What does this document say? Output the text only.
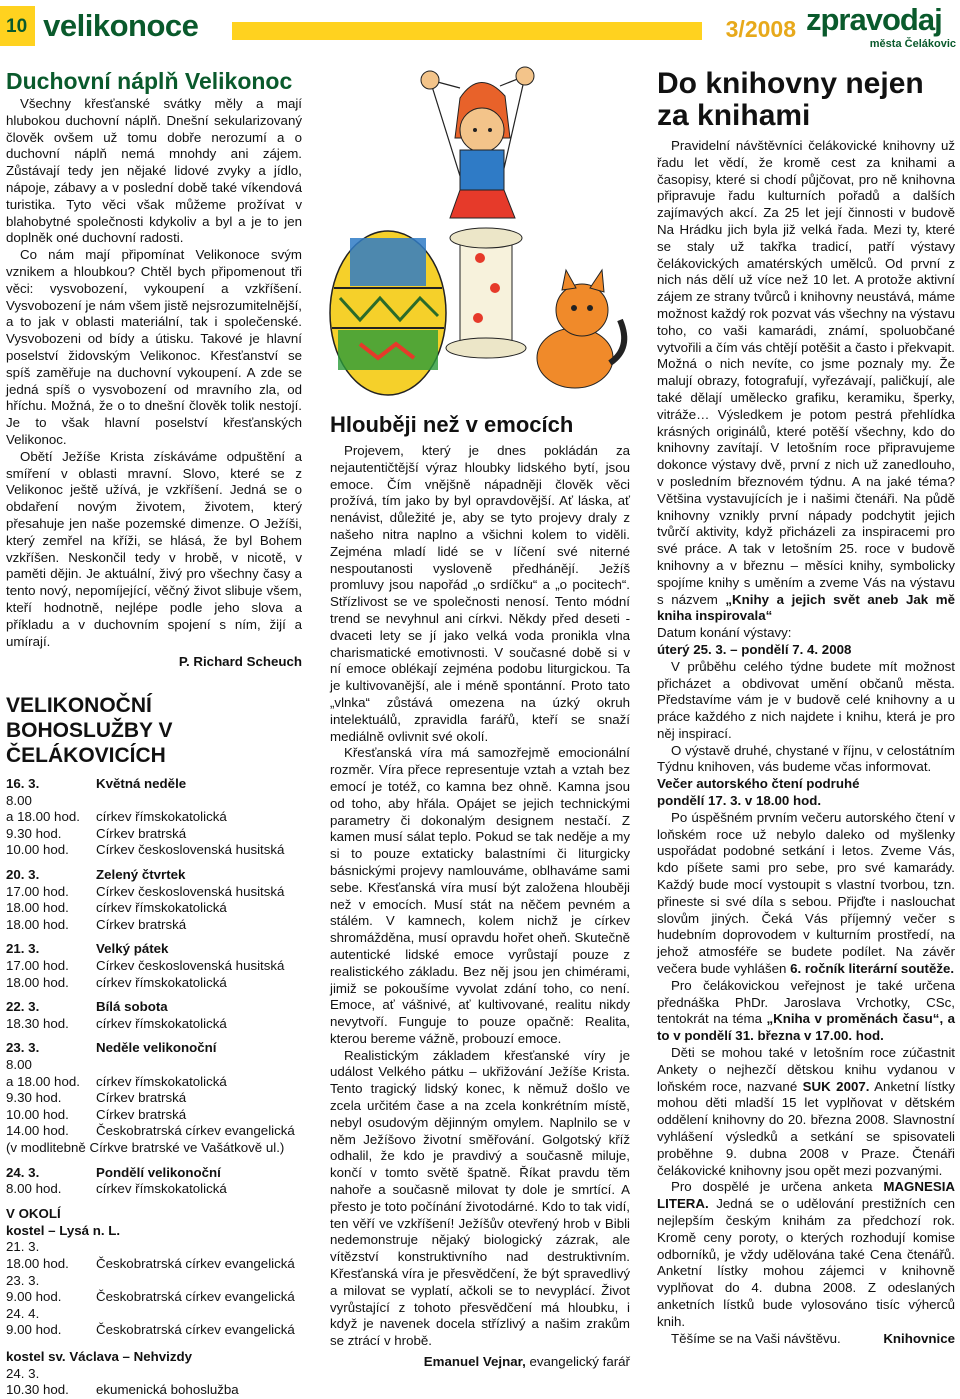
10 velikonoce	3/2008 zpravodaj
města Čelákovic
Duchovní náplň Velikonoc

Všechny křesťanské svátky měly a mají hlubokou duchovní náplň. Dnešní sekularizovaný člověk ovšem už tomu dobře nerozumí a o duchovní náplň nemá mnohdy ani zájem. Zůstávají tedy jen nějaké lidové zvyky a jídlo, nápoje, zábavy a v poslední době také víkendová turistika. Tyto věci však můžeme prožívat v blahobytné společnosti kdykoliv a byl a je to jen doplněk oné duchovní radosti.

Co nám mají připomínat Velikonoce svým vznikem a hloubkou? Chtěl bych připomenout tři věci: vysvobození, vykoupení a vzkříšení. Vysvobození je nám všem jistě nejsrozumitelnější, a to jak v oblasti materiální, tak i společenské. Vysvobozeni od bídy a útisku. Takové je hlavní poselství židovským Velikonoc. Křesťanství se spíš zaměřuje na duchovní vykoupení. A zde se jedná spíš o vysvobození od mravního zla, od hříchu. Možná, že o to dnešní člověk tolik nestojí. Je to však hlavní poselství křesťanských Velikonoc.

Obětí Ježíše Krista získáváme odpuštění a smíření v oblasti mravní. Slovo, které se z Velikonoc ještě užívá, je vzkříšení. Jedná se o obdaření novým životem, životem, který přesahuje jen naše pozemské dimenze. O Ježíši, který zemřel na kříži, se hlásá, že byl Bohem vzkříšen. Neskončil tedy v hrobě, v nicotě, v paměti dějin. Je aktuální, živý pro všechny časy a tento nový, nepomíjející, věčný život slibuje všem, kteří hodnotně, nejlépe podle jeho slova a příkladu a v duchovním spojení s ním, žijí a umírají.

P. Richard Scheuch
VELIKONOČNÍ BOHOSLUŽBY V ČELÁKOVICÍCH
16. 3.	Květná neděle
8.00
a 18.00 hod.	církev římskokatolická
9.30 hod.	Církev bratrská
10.00 hod.	Církev československá husitská
20. 3.	Zelený čtvrtek
17.00 hod.	Církev československá husitská
18.00 hod.	církev římskokatolická
18.00 hod.	Církev bratrská
21. 3.	Velký pátek
17.00 hod.	Církev československá husitská
18.00 hod.	církev římskokatolická
22. 3.	Bílá sobota
18.30 hod.	církev římskokatolická
23. 3.	Neděle velikonoční
8.00
a 18.00 hod.	církev římskokatolická
9.30 hod.	Církev bratrská
10.00 hod.	Církev bratrská
14.00 hod.	Českobratrská církev evangelická
(v modlitebně Církve bratrské ve Vašátkově ul.)
24. 3.	Pondělí velikonoční
8.00 hod.	církev římskokatolická
V OKOLÍ
kostel – Lysá n. L.
21. 3.
18.00 hod.	Českobratrská církev evangelická
23. 3.
9.00 hod.	Českobratrská církev evangelická
24. 4.
9.00 hod.	Českobratrská církev evangelická
kostel sv. Václava – Nehvizdy
24. 3.
10.30 hod.	ekumenická bohoslužba
Hlouběji než v emocích

Projevem, který je dnes pokládán za nejautentičtější výraz hloubky lidského bytí, jsou emoce. Čím vnějšně nápadněji člověk věci prožívá, tím jako by byl opravdovější. Ať láska, ať nenávist, důležité je, aby se tyto projevy draly z našeho nitra naplno a všichni kolem to viděli. Zejména mladí lidé se v líčení své niterné nespoutanosti vysloveně předhánějí. Ježíš promluvy jsou napořád „o srdíčku“ a „o pocitech“. Střízlivost se ve společnosti nenosí. Tento módní trend se nevyhnul ani církvi. Někdy před deseti - dvaceti lety se jí jako velká voda pronikla vlna charismatické emotivnosti. V současné době si v ní emoce oblékají zejména podobu liturgickou. Ta je kultivovanější, ale i méně spontánní. Proto tato „vlnka“ zůstává omezena na úzký okruh intelektuálů, zpravidla farářů, kteří se snaží mediálně ovlivnit své okolí.

Křesťanská víra má samozřejmě emocionální rozměr. Víra přece representuje vztah a vztah bez emocí je totéž, co kamna bez ohně. Kamna jsou od toho, aby hřála. Opájet se jejich technickými parametry či dokonalým designem nestačí. Z kamen musí sálat teplo. Pokud se tak neděje a my si to pouze extaticky balastními či liturgicky básnickými projevy namlouváme, oblhaváme sami sebe. Křesťanská víra musí být založena hlouběji než v emocích. Musí stát na něčem pevném a stálém. V kamnech, kolem nichž je církev shromážděna, musí opravdu hořet oheň. Skutečně autentické lidské emoce vyrůstají pouze z realistického základu. Bez něj jsou jen chimérami, jimiž se pokoušíme vyvolat zdání toho, co není. Emoce, ať vášnivé, ať kultivované, realitu nikdy nevytvoří. Funguje to pouze opačně: Realita, kterou bereme vážně, probouzí emoce.

Realistickým základem křesťanské víry je událost Velkého pátku – ukřižování Ježíše Krista. Tento tragický lidský konec, k němuž došlo ve zcela určitém čase a na zcela konkrétním místě, nebyl osudovým dějinným omylem. Naplnilo se v něm Ježíšovo životní směřování. Golgotský kříž odhalil, že kdo je pravdivý a současně miluje, končí v tomto světě špatně. Říkat pravdu těm nahoře a současně milovat ty dole je smrtící. A přesto je toto počínání životodárné. Kdo to tak vidí, ten věří ve vzkříšení! Ježíšův otevřený hrob v Bibli nedemonstruje nějaký biologický zázrak, ale vítězství konstruktivního nad destruktivním. Křesťanská víra je přesvědčení, že být spravedlivý a milovat se vyplatí, ačkoli se to nevyplácí. Život vyrůstající z tohoto přesvědčení má hloubku, i když je navenek docela střízlivý a našim zrakům se ztrácí v hrobě.

Emanuel Vejnar, evangelický farář
Do knihovny nejen za knihami

Pravidelní návštěvníci čelákovické knihovny už řadu let vědí, že kromě cest za knihami a časopisy, které si chodí půjčovat, pro ně knihovna připravuje řadu kulturních pořadů a dalších zajímavých akcí. Za 25 let její činnosti v budově Na Hrádku jich byla již velká řada. Mezi ty, které se staly už takřka tradicí, patří výstavy čelákovických amatérských umělců. Od první z nich nás dělí už více než 10 let. A protože aktivní zájem ze strany tvůrců i knihovny neustává, máme možnost každý rok pozvat vás všechny na výstavu toho, co vaši kamarádi, známí, spoluobčané vytvořili a čím vás chtějí potěšit a často i překvapit. Možná o nich nevíte, co jsme poznaly my. Že malují obrazy, fotografují, vyřezávají, paličkují, ale také dělají umělecko grafiku, keramiku, šperky, vitráže… Výsledkem je potom pestrá přehlídka krásných originálů, které potěší všechny, kdo do knihovny zavítají. V letošním roce připravujeme dokonce výstavy dvě, první z nich už zanedlouho, v posledním březnovém týdnu. A na jaké téma? Většina vystavujících je i našimi čtenáři. Na půdě knihovny vznikly první nápady podchytit jejich tvůrčí aktivity, když přicházeli za inspiracemi pro své práce. A tak v letošním 25. roce v budově knihovny a v březnu – měsíci knihy, symbolicky spojíme knihy s uměním a zveme Vás na výstavu s názvem „Knihy a jejich svět aneb Jak mě kniha inspirovala“

Datum konání výstavy:

úterý 25. 3. – pondělí 7. 4. 2008

V průběhu celého týdne budete mít možnost přicházet a obdivovat umění občanů města. Představíme vám je v budově celé knihovny a u práce každého z nich najdete i knihu, která je pro něj inspirací.

O výstavě druhé, chystané v říjnu, v celostátním Týdnu knihoven, vás budeme včas informovat.

Večer autorského čtení podruhé

pondělí 17. 3. v 18.00 hod.

Po úspěšném prvním večeru autorského čtení v loňském roce už nebylo daleko od myšlenky uspořádat podobné setkání i letos. Zveme Vás, kdo píšete sami pro sebe, pro své kamarády. Každý bude mocí vystoupit s vlastní tvorbou, tzn. přineste si své díla s sebou. Přijďte i naslouchat slovům jiných. Čeká Vás příjemný večer s hudebním doprovodem v kulturním prostředí, na jehož atmosféře se budete podílet. Na závěr večera bude vyhlášen 6. ročník literární soutěže.

Pro čelákovickou veřejnost je také určena přednáška PhDr. Jaroslava Vrchotky, CSc, tentokrát na téma „Kniha v proměnách času“, a to v pondělí 31. března v 17.00. hod.

Děti se mohou také v letošním roce zúčastnit Ankety o nejhezčí dětskou knihu vydanou v loňském roce, nazvané SUK 2007. Anketní lístky mohou děti mladší 15 let vyplňovat v dětském oddělení knihovny do 20. března 2008. Slavnostní vyhlášení výsledků a setkání se spisovateli proběhne 9. dubna 2008 v Praze. Čtenáři čelákovické knihovny jsou opět mezi pozvanými.

Pro dospělé je určena anketa MAGNESIA LITERA. Jedná se o udělování prestižních cen nejlepším českým knihám za předchozí rok. Kromě ceny poroty, o kterých rozhodují komise odborníků, je vždy udělována také Cena čtenářů. Anketní lístky mohou zájemci v knihovně vyplňovat do 4. dubna 2008. Z odeslaných anketních lístků bude vylosováno tisíc výherců knih.

Těšíme se na Vaši návštěvu.	Knihovnice
